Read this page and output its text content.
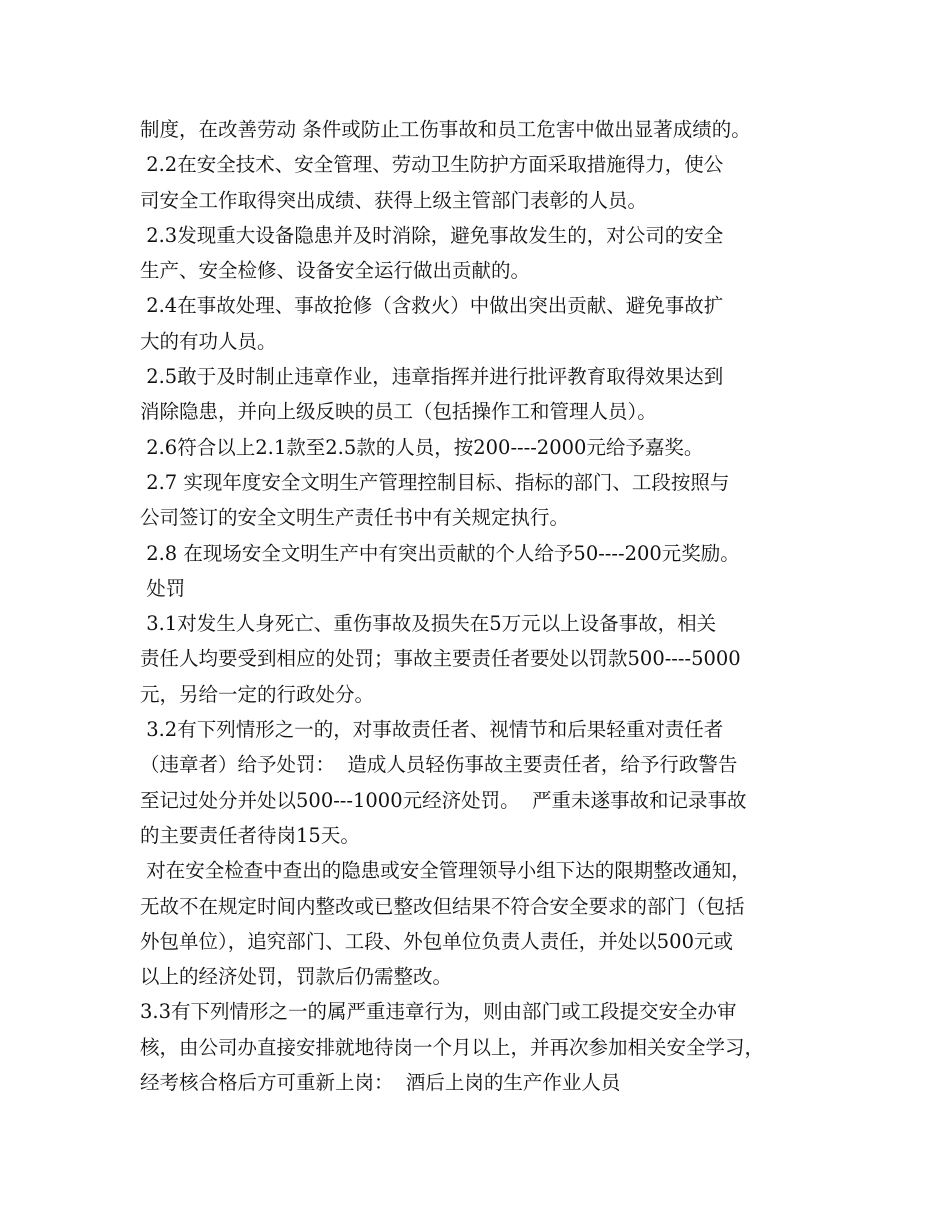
制度，在改善劳动 条件或防止工伤事故和员工危害中做出显著成绩的。
2.2在安全技术、安全管理、劳动卫生防护方面采取措施得力，使公
司安全工作取得突出成绩、获得上级主管部门表彰的人员。
2.3发现重大设备隐患并及时消除，避免事故发生的，对公司的安全
生产、安全检修、设备安全运行做出贡献的。
2.4在事故处理、事故抢修（含救火）中做出突出贡献、避免事故扩
大的有功人员。
2.5敢于及时制止违章作业，违章指挥并进行批评教育取得效果达到
消除隐患，并向上级反映的员工（包括操作工和管理人员）。
2.6符合以上2.1款至2.5款的人员，按200----2000元给予嘉奖。
2.7 实现年度安全文明生产管理控制目标、指标的部门、工段按照与
公司签订的安全文明生产责任书中有关规定执行。
2.8 在现场安全文明生产中有突出贡献的个人给予50----200元奖励。
处罚
3.1对发生人身死亡、重伤事故及损失在5万元以上设备事故，相关
责任人均要受到相应的处罚；事故主要责任者要处以罚款500----5000
元，另给一定的行政处分。
3.2有下列情形之一的，对事故责任者、视情节和后果轻重对责任者
（违章者）给予处罚：  造成人员轻伤事故主要责任者，给予行政警告
至记过处分并处以500---1000元经济处罚。  严重未遂事故和记录事故
的主要责任者待岗15天。
对在安全检查中查出的隐患或安全管理领导小组下达的限期整改通知，
无故不在规定时间内整改或已整改但结果不符合安全要求的部门（包括
外包单位），追究部门、工段、外包单位负责人责任，并处以500元或
以上的经济处罚，罚款后仍需整改。
3.3有下列情形之一的属严重违章行为，则由部门或工段提交安全办审
核，由公司办直接安排就地待岗一个月以上，并再次参加相关安全学习，
经考核合格后方可重新上岗：  酒后上岗的生产作业人员
